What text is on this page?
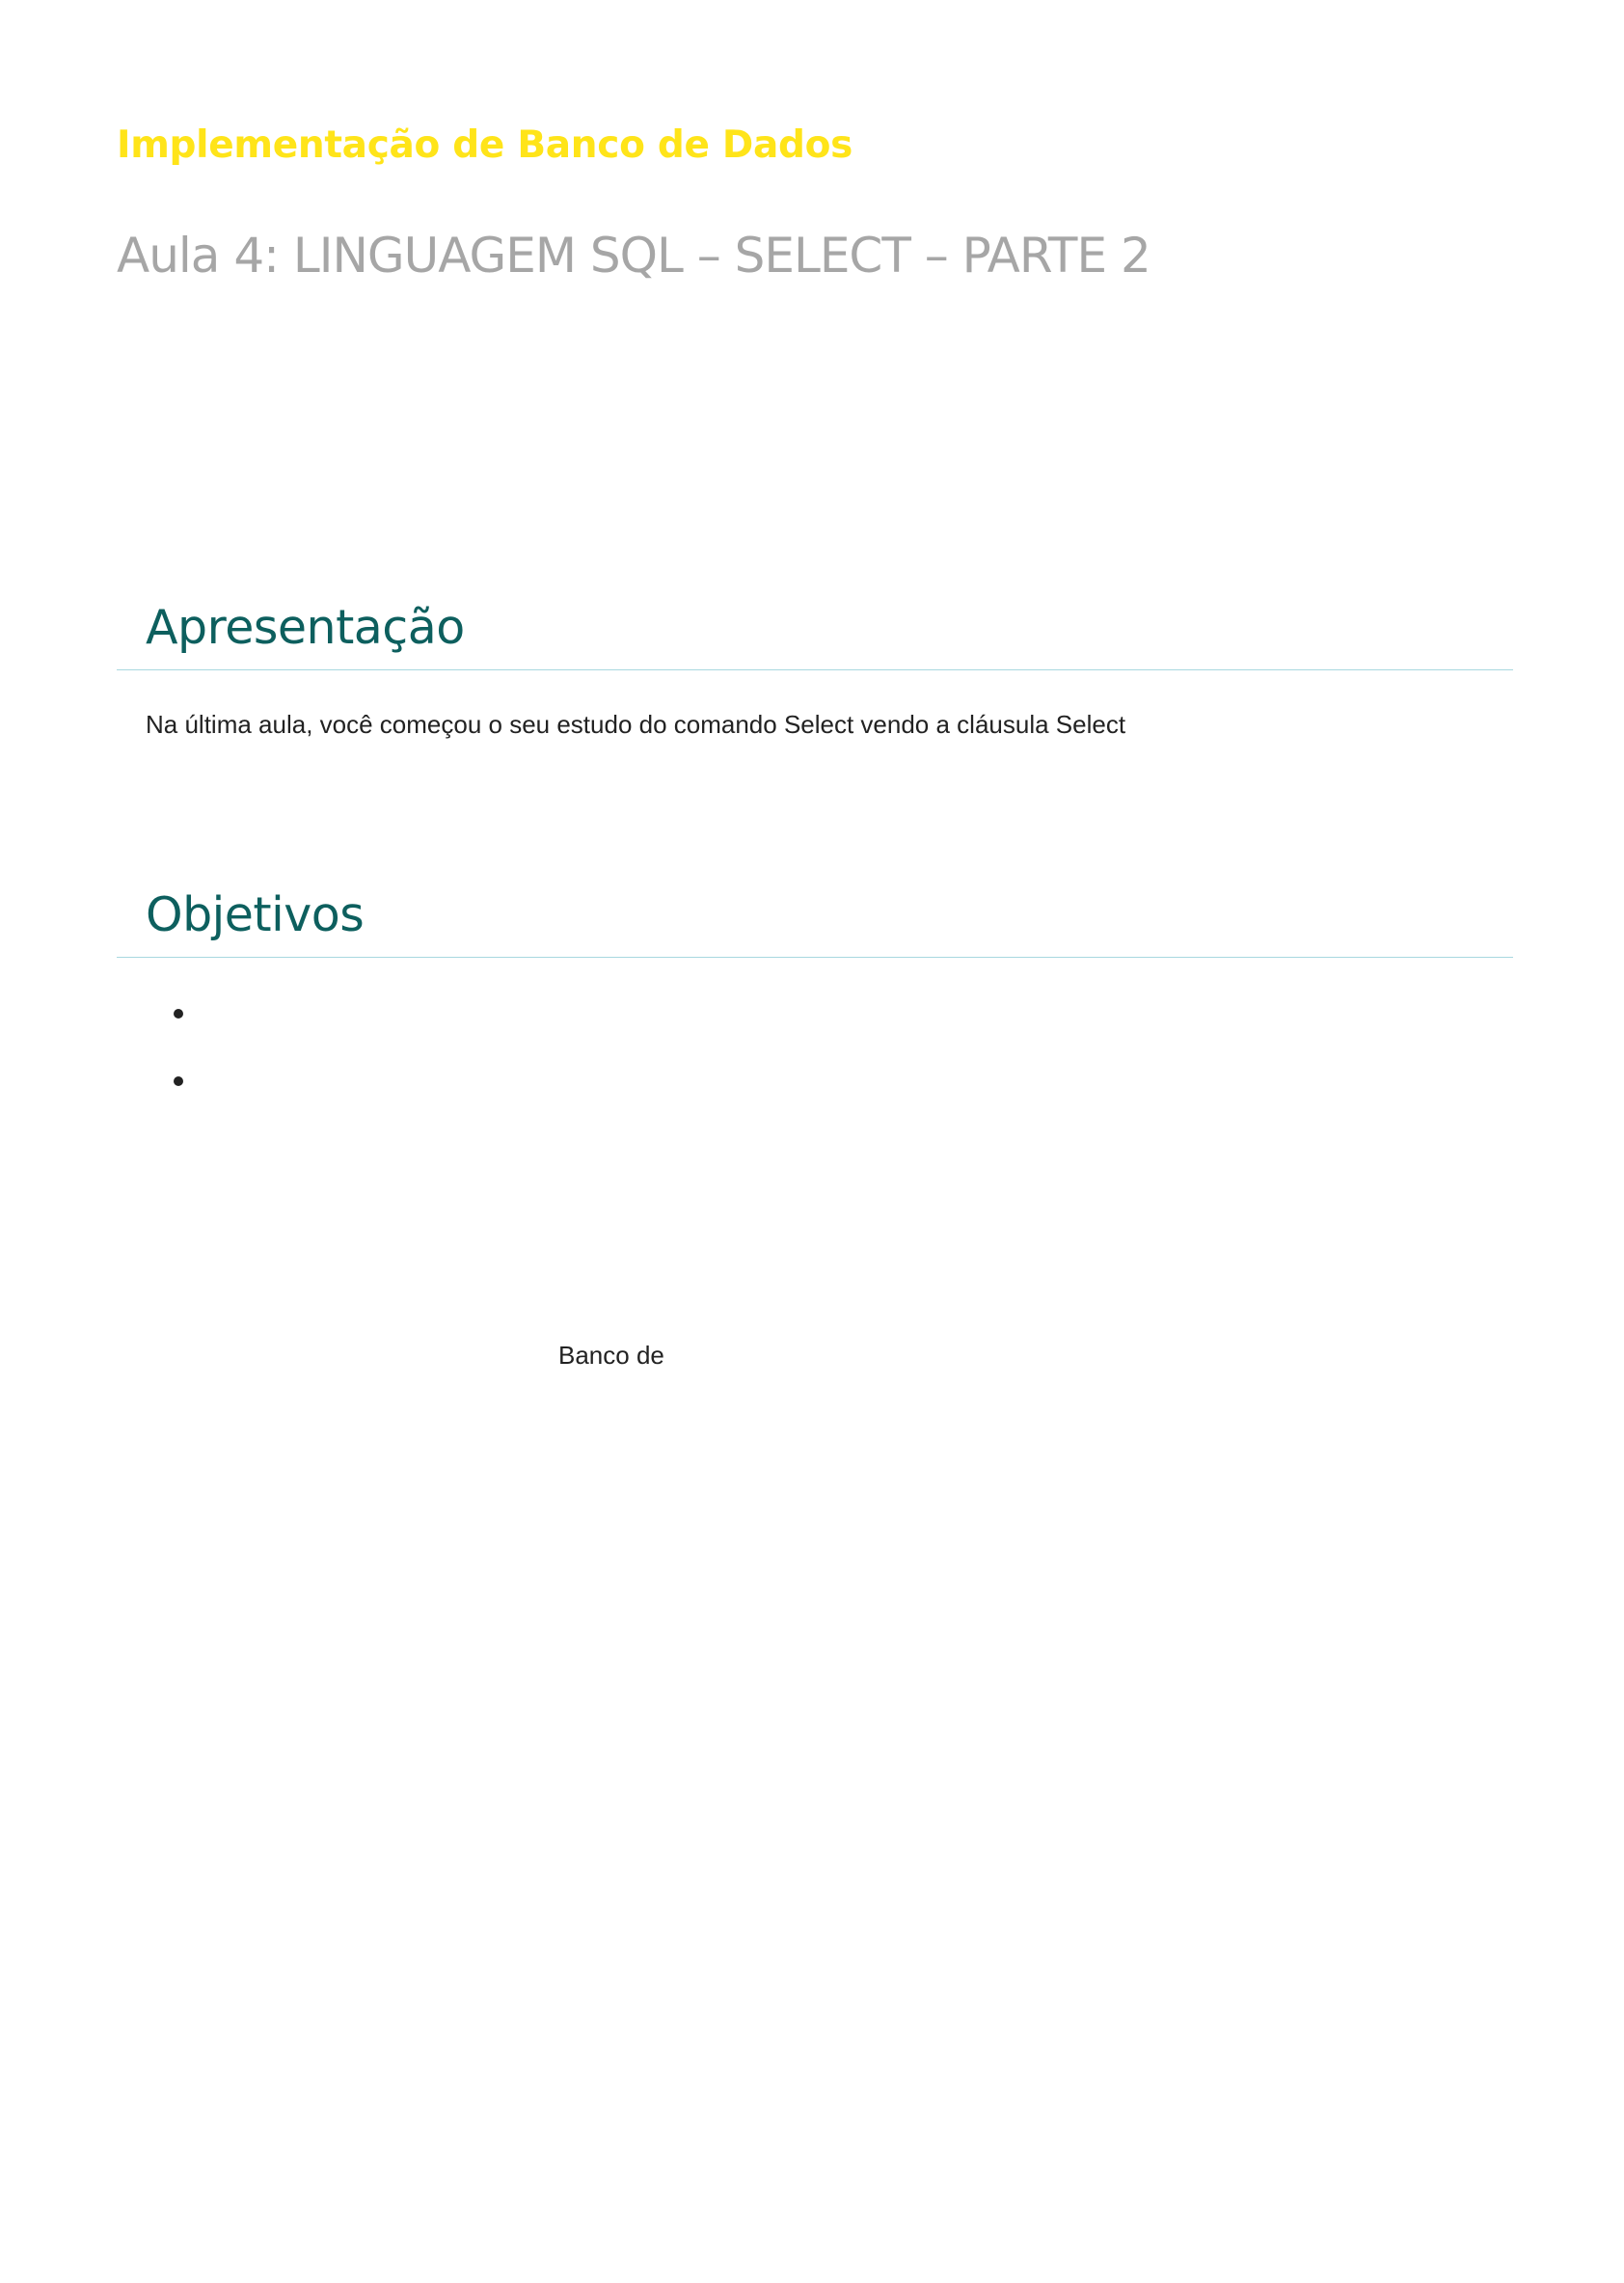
Implementação de Banco de Dados
Aula 4: LINGUAGEM SQL – SELECT – PARTE 2
Apresentação

Na última aula, você começou o seu estudo do comando Select vendo a cláusula Select

Objetivos

Banco de
